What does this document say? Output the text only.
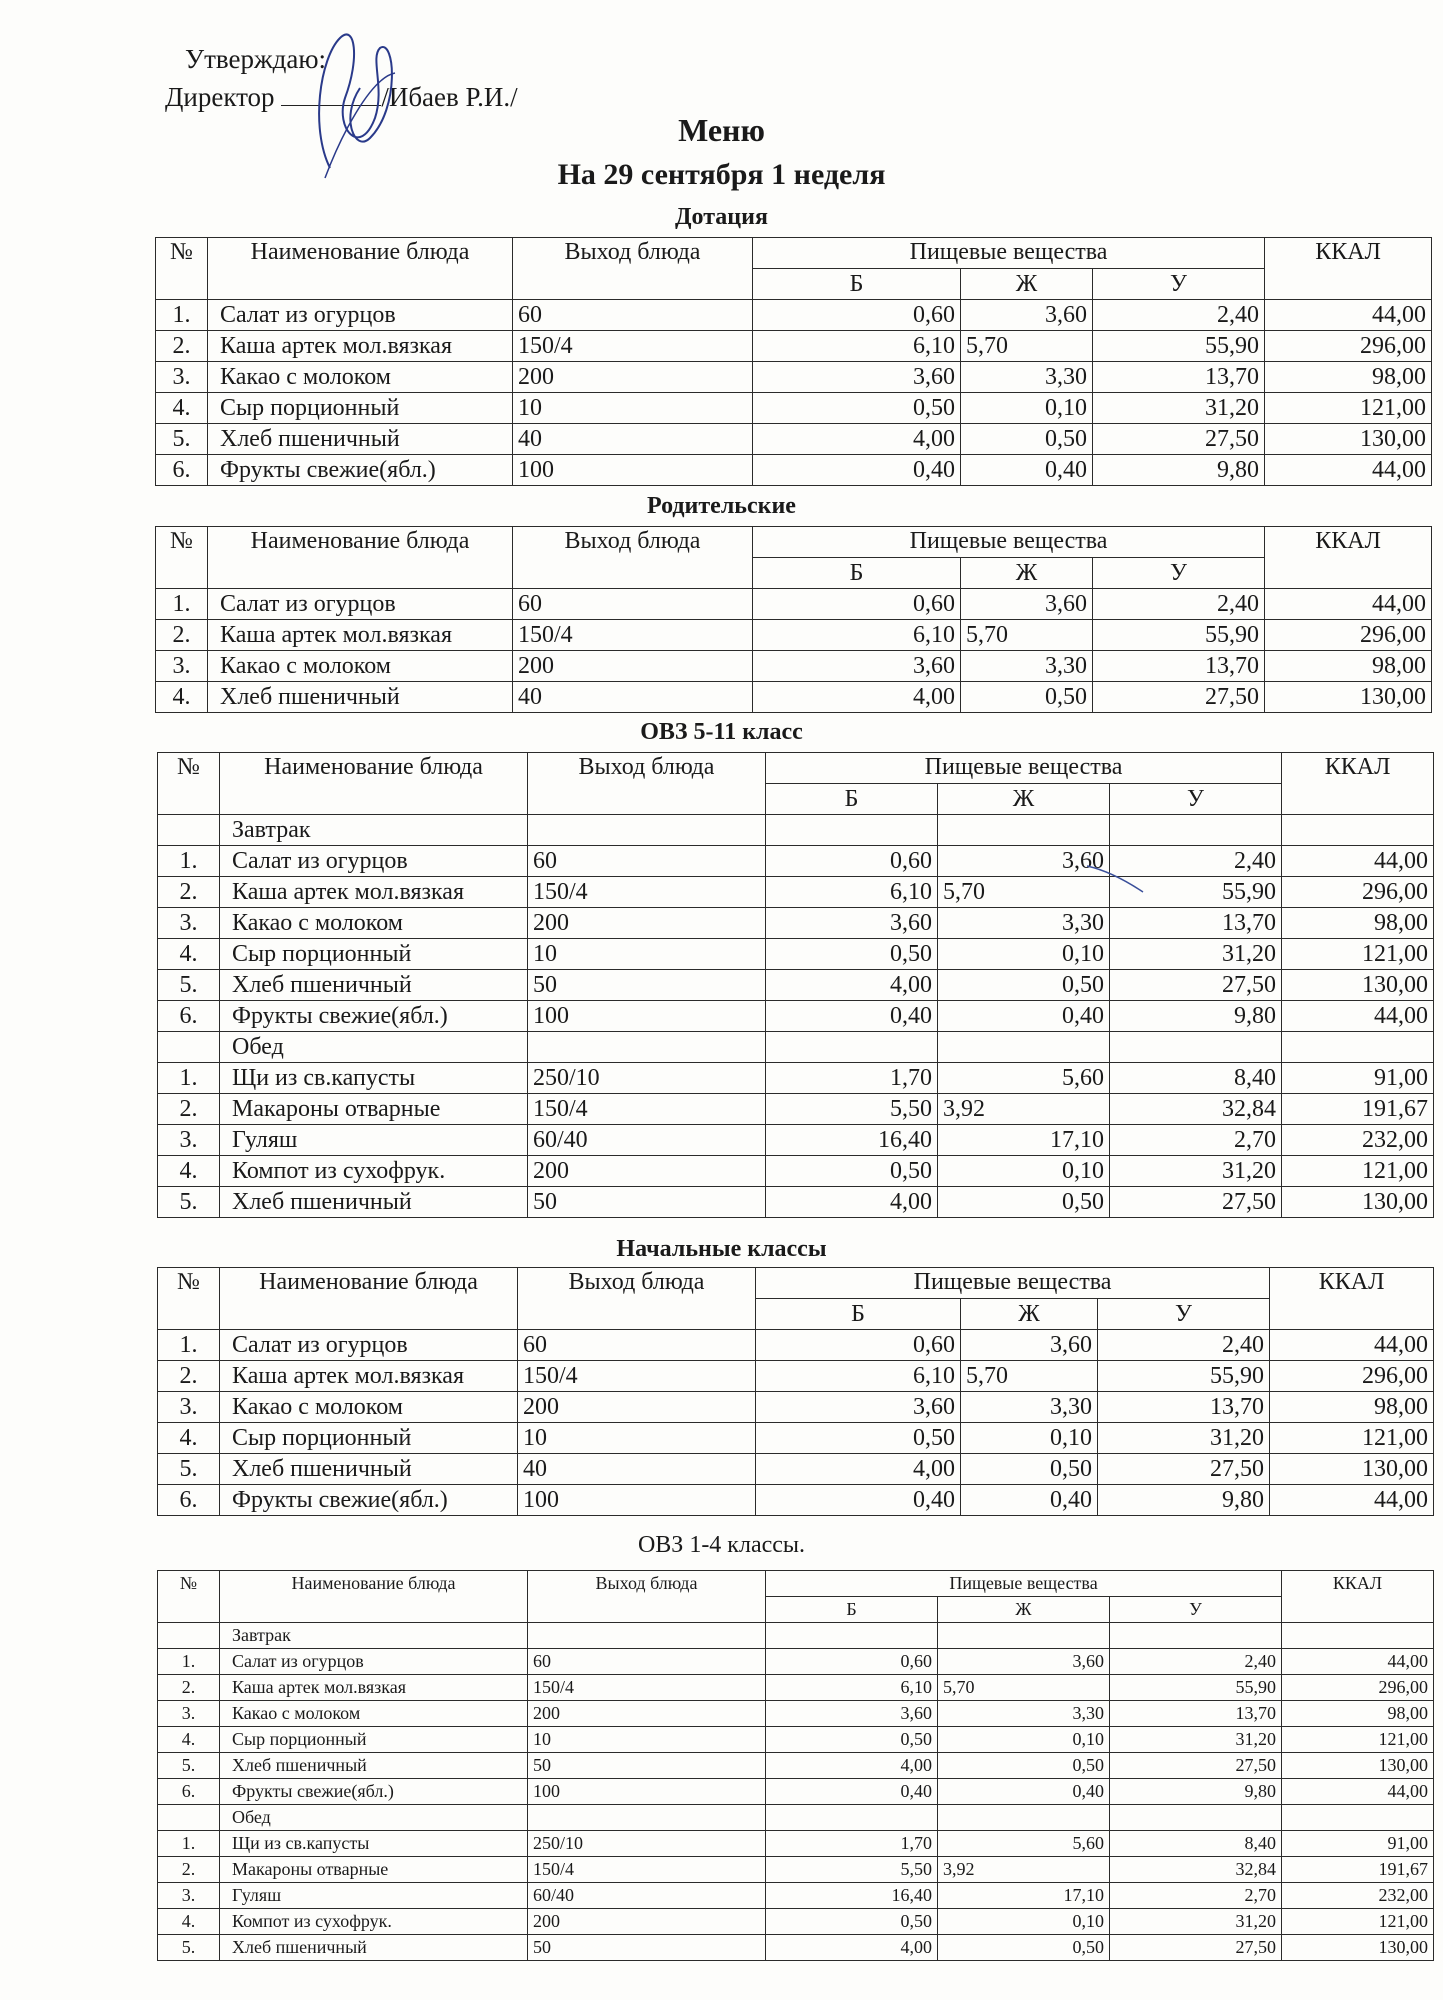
Утверждаю:
Директор	/Ибаев Р.И./
Меню
На 29 сентября 1 неделя
Дотация
№	Наименование блюда	Выход блюда	Пищевые вещества			ККАЛ
			Б	Ж	У	
1.	Салат из огурцов	60	0,60	3,60	2,40	44,00
2.	Каша артек мол.вязкая	150/4	6,10	5,70	55,90	296,00
3.	Какао с молоком	200	3,60	3,30	13,70	98,00
4.	Сыр порционный	10	0,50	0,10	31,20	121,00
5.	Хлеб пшеничный	40	4,00	0,50	27,50	130,00
6.	Фрукты свежие(ябл.)	100	0,40	0,40	9,80	44,00
Родительские
№	Наименование блюда	Выход блюда	Пищевые вещества			ККАЛ
			Б	Ж	У	
1.	Салат из огурцов	60	0,60	3,60	2,40	44,00
2.	Каша артек мол.вязкая	150/4	6,10	5,70	55,90	296,00
3.	Какао с молоком	200	3,60	3,30	13,70	98,00
4.	Хлеб пшеничный	40	4,00	0,50	27,50	130,00
ОВЗ 5-11 класс
№	Наименование блюда	Выход блюда	Пищевые вещества			ККАЛ
			Б	Ж	У	
	Завтрак					
1.	Салат из огурцов	60	0,60	3,60	2,40	44,00
2.	Каша артек мол.вязкая	150/4	6,10	5,70	55,90	296,00
3.	Какао с молоком	200	3,60	3,30	13,70	98,00
4.	Сыр порционный	10	0,50	0,10	31,20	121,00
5.	Хлеб пшеничный	50	4,00	0,50	27,50	130,00
6.	Фрукты свежие(ябл.)	100	0,40	0,40	9,80	44,00
	Обед					
1.	Щи из св.капусты	250/10	1,70	5,60	8,40	91,00
2.	Макароны отварные	150/4	5,50	3,92	32,84	191,67
3.	Гуляш	60/40	16,40	17,10	2,70	232,00
4.	Компот из сухофрук.	200	0,50	0,10	31,20	121,00
5.	Хлеб пшеничный	50	4,00	0,50	27,50	130,00
Начальные классы
№	Наименование блюда	Выход блюда	Пищевые вещества			ККАЛ
			Б	Ж	У	
1.	Салат из огурцов	60	0,60	3,60	2,40	44,00
2.	Каша артек мол.вязкая	150/4	6,10	5,70	55,90	296,00
3.	Какао с молоком	200	3,60	3,30	13,70	98,00
4.	Сыр порционный	10	0,50	0,10	31,20	121,00
5.	Хлеб пшеничный	40	4,00	0,50	27,50	130,00
6.	Фрукты свежие(ябл.)	100	0,40	0,40	9,80	44,00
ОВЗ 1-4 классы.
№	Наименование блюда	Выход блюда	Пищевые вещества			ККАЛ
			Б	Ж	У	
	Завтрак					
1.	Салат из огурцов	60	0,60	3,60	2,40	44,00
2.	Каша артек мол.вязкая	150/4	6,10	5,70	55,90	296,00
3.	Какао с молоком	200	3,60	3,30	13,70	98,00
4.	Сыр порционный	10	0,50	0,10	31,20	121,00
5.	Хлеб пшеничный	50	4,00	0,50	27,50	130,00
6.	Фрукты свежие(ябл.)	100	0,40	0,40	9,80	44,00
	Обед					
1.	Щи из св.капусты	250/10	1,70	5,60	8,40	91,00
2.	Макароны отварные	150/4	5,50	3,92	32,84	191,67
3.	Гуляш	60/40	16,40	17,10	2,70	232,00
4.	Компот из сухофрук.	200	0,50	0,10	31,20	121,00
5.	Хлеб пшеничный	50	4,00	0,50	27,50	130,00
